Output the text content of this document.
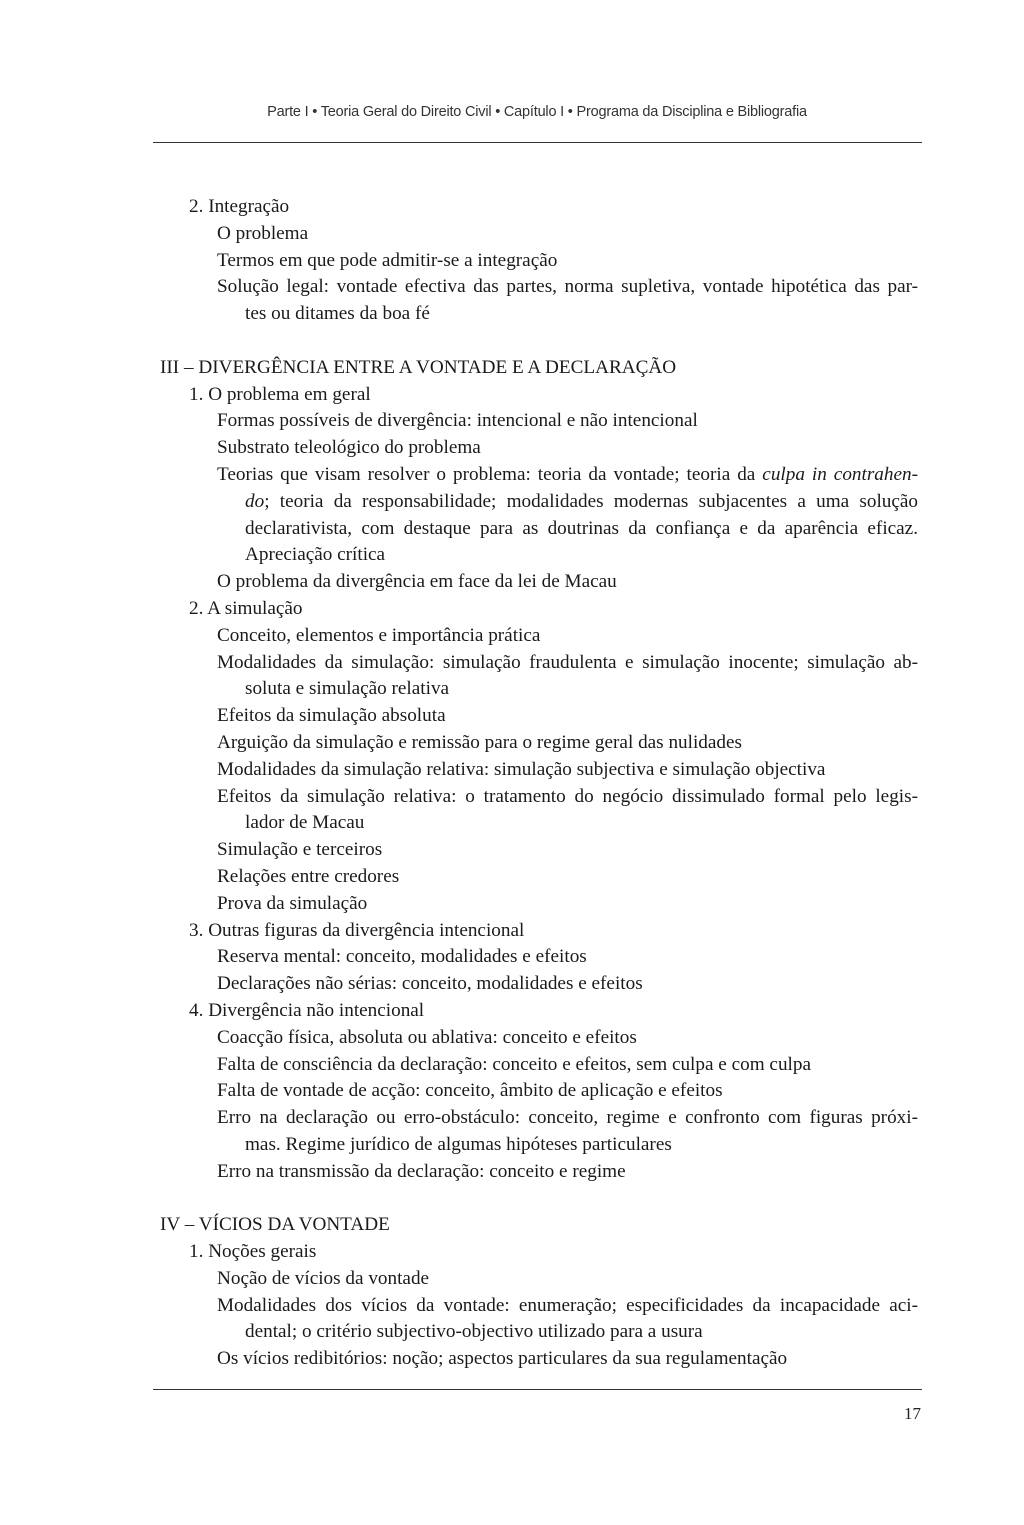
Parte I • Teoria Geral do Direito Civil • Capítulo I • Programa da Disciplina e Bibliografia

2. Integração

O problema

Termos em que pode admitir-se a integração

Solução legal: vontade efectiva das partes, norma supletiva, vontade hipotética das par-

tes ou ditames da boa fé

III – DIVERGÊNCIA ENTRE A VONTADE E A DECLARAÇÃO

1. O problema em geral

Formas possíveis de divergência: intencional e não intencional

Substrato teleológico do problema

Teorias que visam resolver o problema: teoria da vontade; teoria da culpa in contrahen-

do; teoria da responsabilidade; modalidades modernas subjacentes a uma solução

declarativista, com destaque para as doutrinas da confiança e da aparência eficaz.

Apreciação crítica

O problema da divergência em face da lei de Macau

2. A simulação

Conceito, elementos e importância prática

Modalidades da simulação: simulação fraudulenta e simulação inocente; simulação ab-

soluta e simulação relativa

Efeitos da simulação absoluta

Arguição da simulação e remissão para o regime geral das nulidades

Modalidades da simulação relativa: simulação subjectiva e simulação objectiva

Efeitos da simulação relativa: o tratamento do negócio dissimulado formal pelo legis-

lador de Macau

Simulação e terceiros

Relações entre credores

Prova da simulação

3. Outras figuras da divergência intencional

Reserva mental: conceito, modalidades e efeitos

Declarações não sérias: conceito, modalidades e efeitos

4. Divergência não intencional

Coacção física, absoluta ou ablativa: conceito e efeitos

Falta de consciência da declaração: conceito e efeitos, sem culpa e com culpa

Falta de vontade de acção: conceito, âmbito de aplicação e efeitos

Erro na declaração ou erro-obstáculo: conceito, regime e confronto com figuras próxi-

mas. Regime jurídico de algumas hipóteses particulares

Erro na transmissão da declaração: conceito e regime

IV – VÍCIOS DA VONTADE

1. Noções gerais

Noção de vícios da vontade

Modalidades dos vícios da vontade: enumeração; especificidades da incapacidade aci-

dental; o critério subjectivo-objectivo utilizado para a usura

Os vícios redibitórios: noção; aspectos particulares da sua regulamentação

17
